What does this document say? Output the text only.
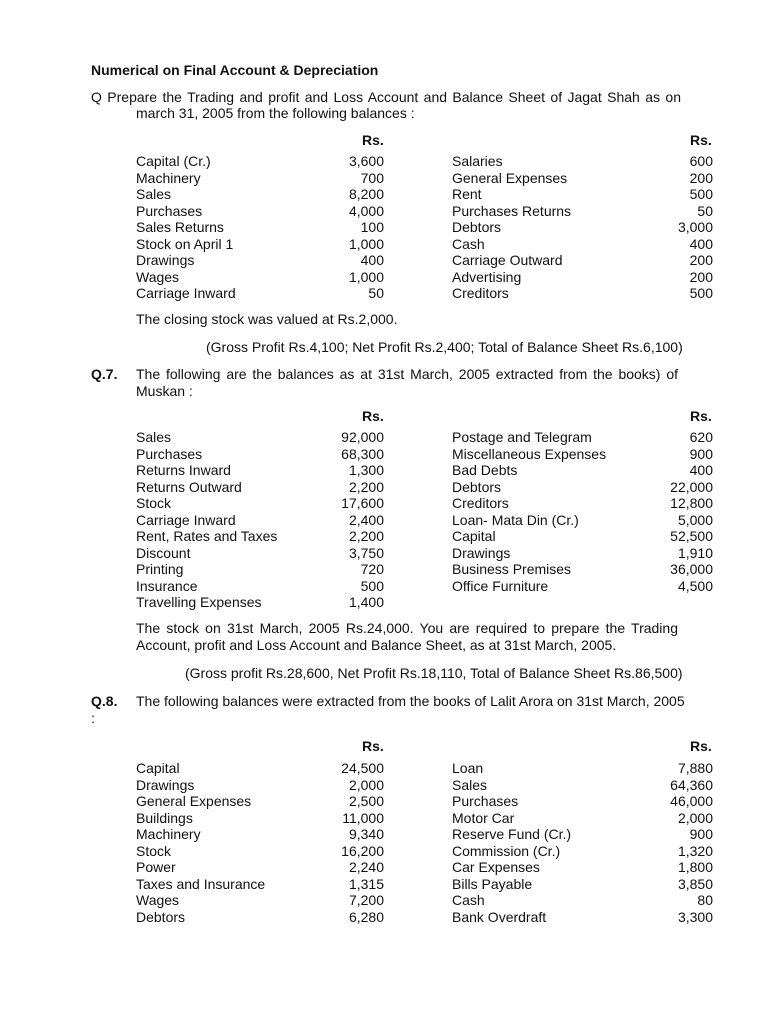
Numerical on Final Account & Depreciation
Q Prepare the Trading and profit and Loss Account and Balance Sheet of Jagat Shah as on
march 31, 2005 from the following balances :
Rs.	Rs.
Capital (Cr.)	3,600	Salaries	600
Machinery	700	General Expenses	200
Sales	8,200	Rent	500
Purchases	4,000	Purchases Returns	50
Sales Returns	100	Debtors	3,000
Stock on April 1	1,000	Cash	400
Drawings	400	Carriage Outward	200
Wages	1,000	Advertising	200
Carriage Inward	50	Creditors	500
The closing stock was valued at Rs.2,000.
(Gross Profit Rs.4,100; Net Profit Rs.2,400; Total of Balance Sheet Rs.6,100)
Q.7. The following are the balances as at 31st March, 2005 extracted from the books) of Muskan :
Rs.	Rs.
Sales	92,000	Postage and Telegram	620
Purchases	68,300	Miscellaneous Expenses	900
Returns Inward	1,300	Bad Debts	400
Returns Outward	2,200	Debtors	22,000
Stock	17,600	Creditors	12,800
Carriage Inward	2,400	Loan- Mata Din (Cr.)	5,000
Rent, Rates and Taxes	2,200	Capital	52,500
Discount	3,750	Drawings	1,910
Printing	720	Business Premises	36,000
Insurance	500	Office Furniture	4,500
Travelling Expenses	1,400
The stock on 31st March, 2005 Rs.24,000. You are required to prepare the Trading Account, profit and Loss Account and Balance Sheet, as at 31st March, 2005.
(Gross profit Rs.28,600, Net Profit Rs.18,110, Total of Balance Sheet Rs.86,500)
Q.8. The following balances were extracted from the books of Lalit Arora on 31st March, 2005
:
Rs.	Rs.
Capital	24,500	Loan	7,880
Drawings	2,000	Sales	64,360
General Expenses	2,500	Purchases	46,000
Buildings	11,000	Motor Car	2,000
Machinery	9,340	Reserve Fund (Cr.)	900
Stock	16,200	Commission (Cr.)	1,320
Power	2,240	Car Expenses	1,800
Taxes and Insurance	1,315	Bills Payable	3,850
Wages	7,200	Cash	80
Debtors	6,280	Bank Overdraft	3,300
